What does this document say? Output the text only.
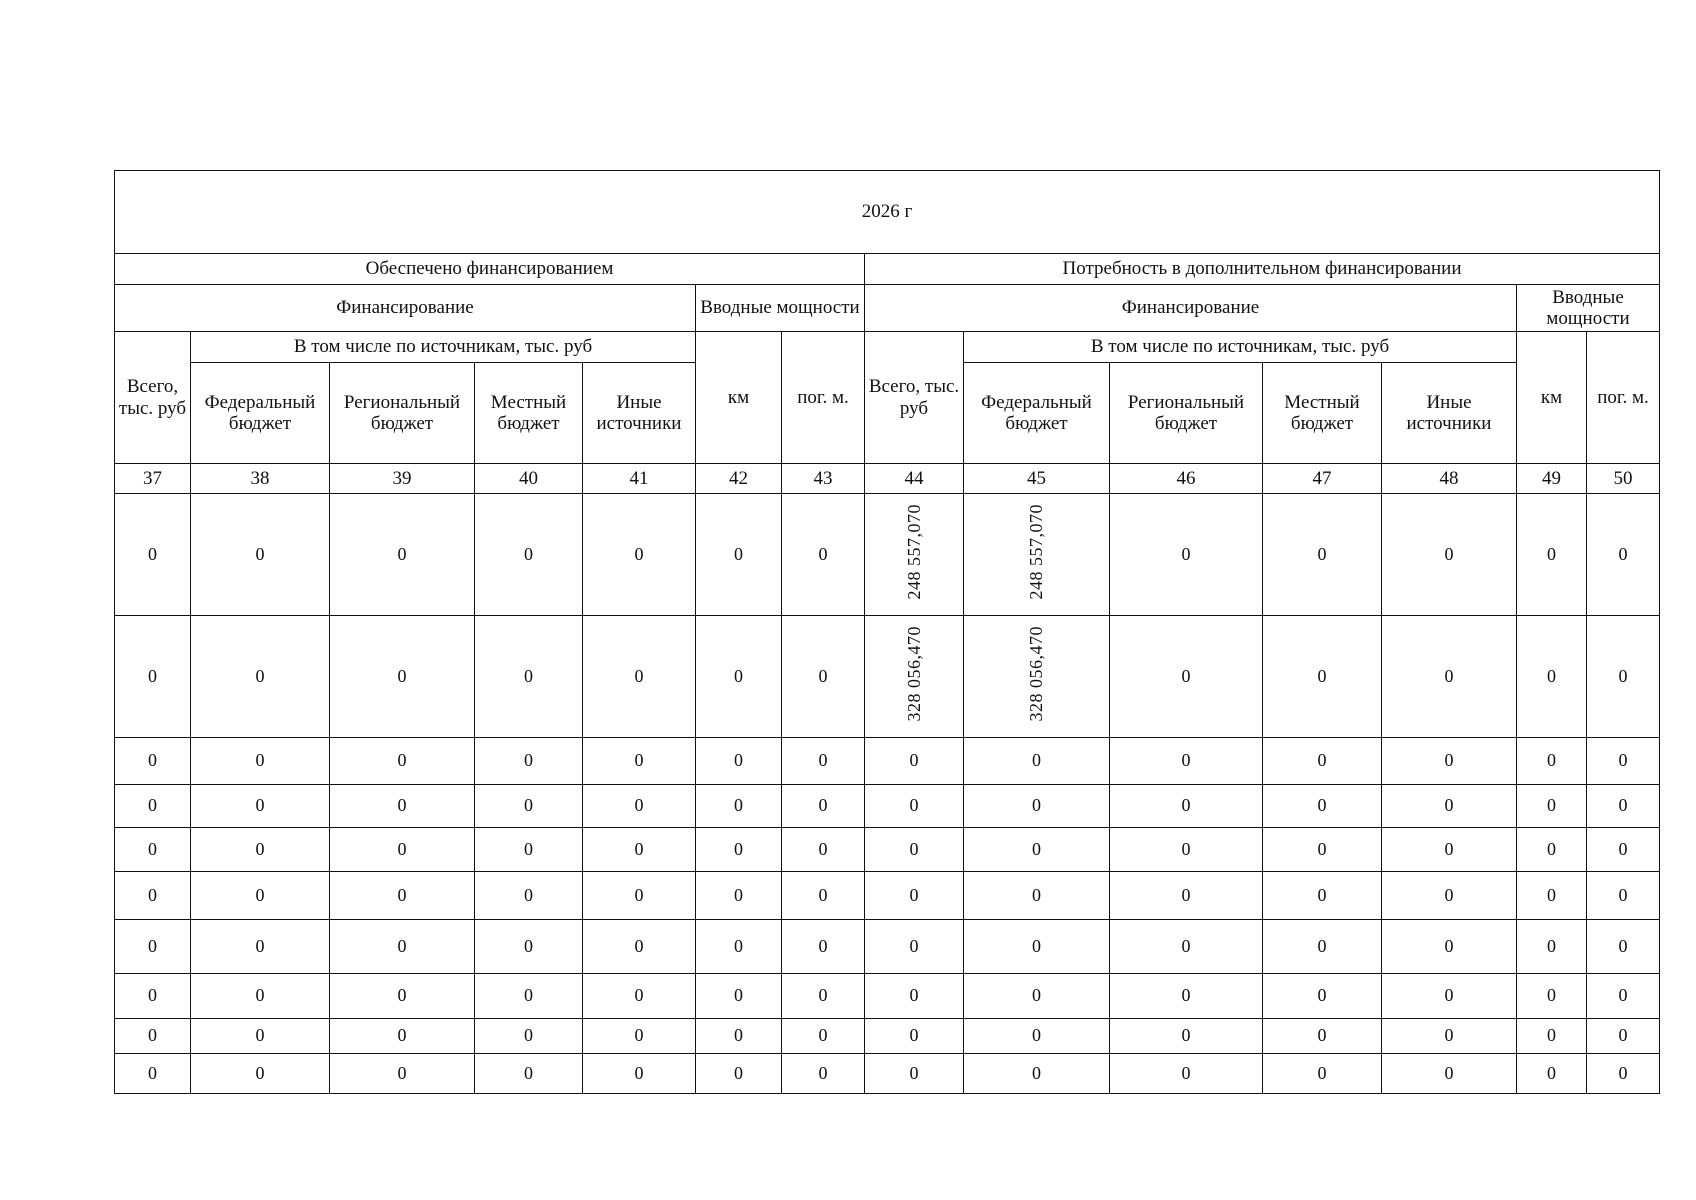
2026 г													
Обеспечено финансированием							Потребность в дополнительном финансировании						
Финансирование					Вводные мощности		Финансирование					Вводные мощности	
Всего, тыс. руб	В том числе по источникам, тыс. руб				км	пог. м.	Всего, тыс. руб	В том числе по источникам, тыс. руб				км	пог. м.
	Федеральный бюджет	Региональный бюджет	Местный бюджет	Иные источники				Федеральный бюджет	Региональный бюджет	Местный бюджет	Иные источники		
37	38	39	40	41	42	43	44	45	46	47	48	49	50
0	0	0	0	0	0	0	248 557,070	248 557,070	0	0	0	0	0
0	0	0	0	0	0	0	328 056,470	328 056,470	0	0	0	0	0
0	0	0	0	0	0	0	0	0	0	0	0	0	0
0	0	0	0	0	0	0	0	0	0	0	0	0	0
0	0	0	0	0	0	0	0	0	0	0	0	0	0
0	0	0	0	0	0	0	0	0	0	0	0	0	0
0	0	0	0	0	0	0	0	0	0	0	0	0	0
0	0	0	0	0	0	0	0	0	0	0	0	0	0
0	0	0	0	0	0	0	0	0	0	0	0	0	0
0	0	0	0	0	0	0	0	0	0	0	0	0	0
